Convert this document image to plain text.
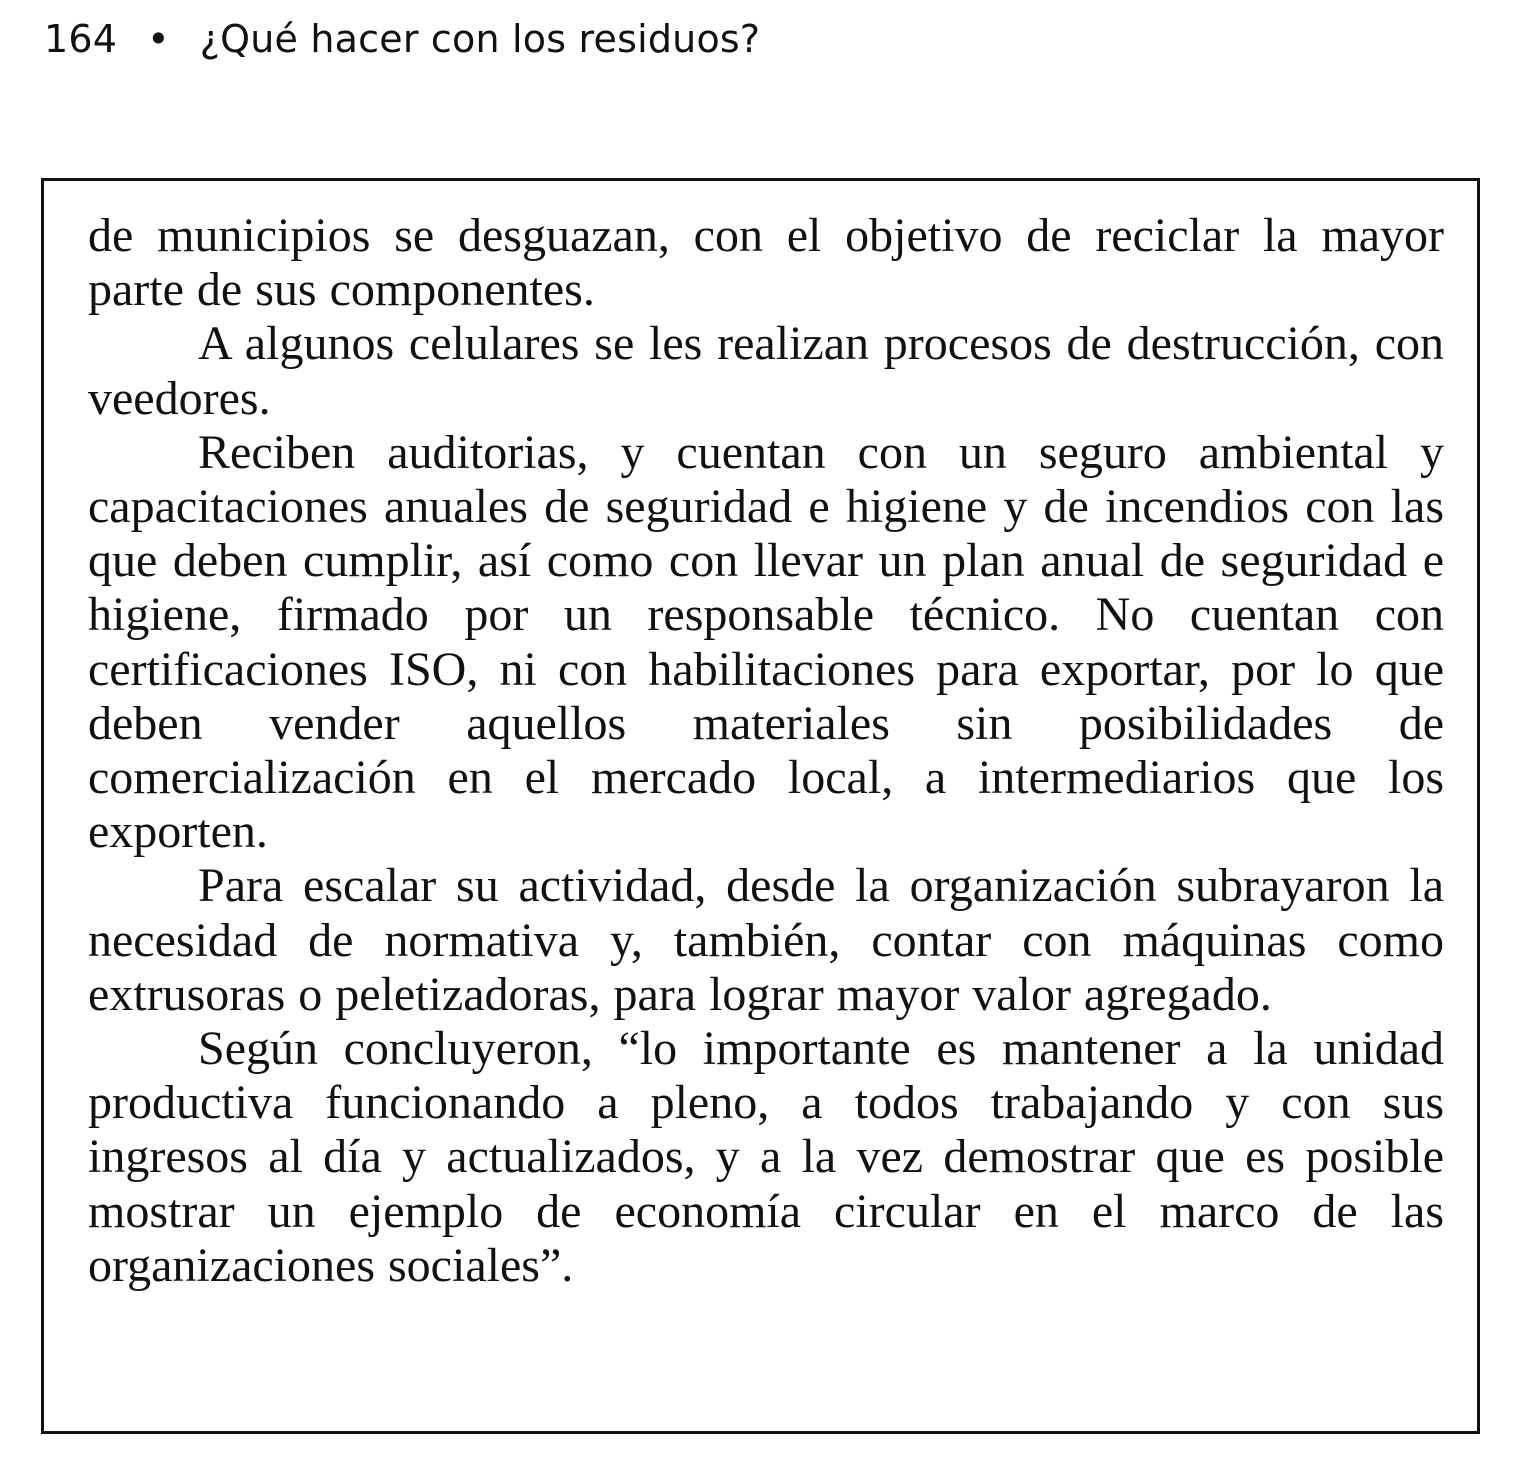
164 • ¿Qué hacer con los residuos?

de municipios se desguazan, con el objetivo de reciclar la mayor parte de sus componentes.

A algunos celulares se les realizan procesos de destrucción, con veedores.

Reciben auditorias, y cuentan con un seguro ambiental y capacitaciones anuales de seguridad e higiene y de incendios con las que deben cumplir, así como con llevar un plan anual de seguridad e higiene, firmado por un responsable técnico. No cuentan con certificaciones ISO, ni con habilitaciones para exportar, por lo que deben vender aquellos materiales sin posibilidades de comercialización en el mercado local, a intermediarios que los exporten.

Para escalar su actividad, desde la organización subrayaron la necesidad de normativa y, también, contar con máquinas como extrusoras o peletizadoras, para lograr mayor valor agregado.

Según concluyeron, “lo importante es mantener a la unidad productiva funcionando a pleno, a todos trabajando y con sus ingresos al día y actualizados, y a la vez demostrar que es posible mostrar un ejemplo de economía circular en el marco de las organizaciones sociales”.
